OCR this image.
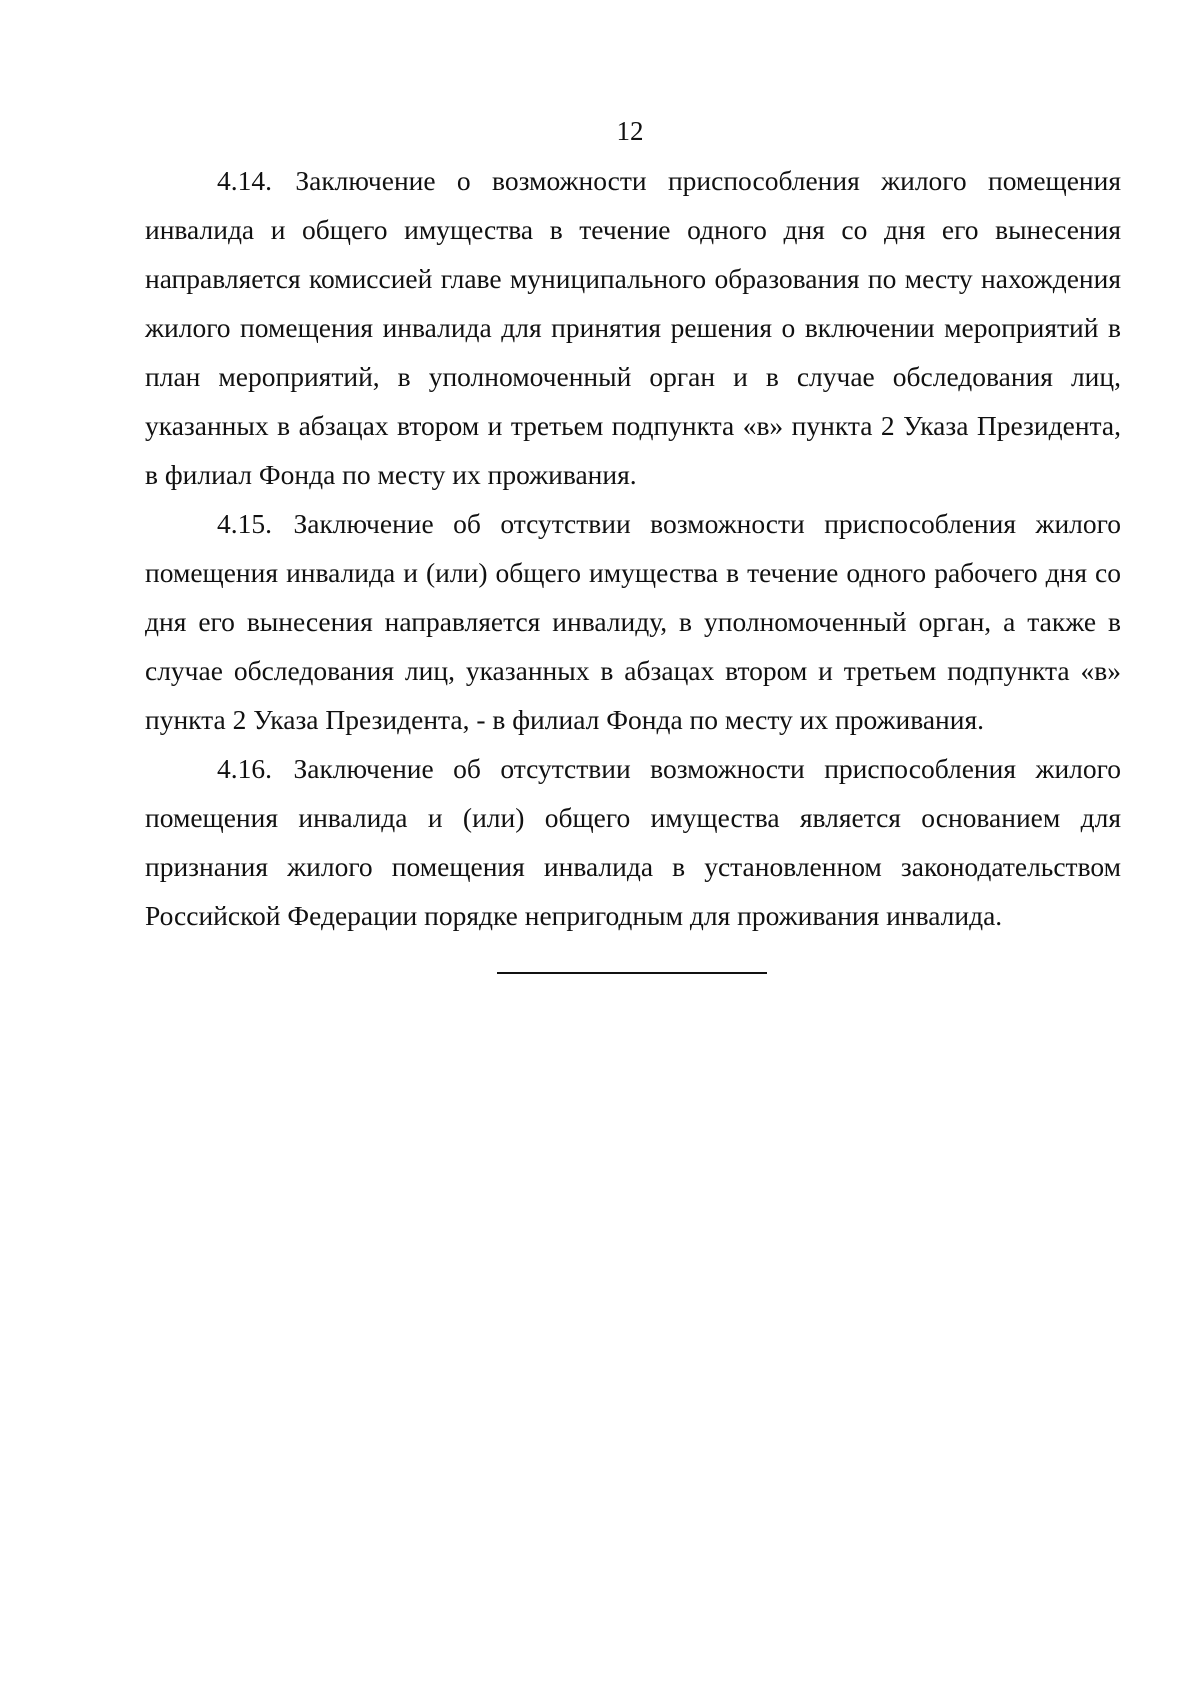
12

4.14. Заключение о возможности приспособления жилого помещения инвалида и общего имущества в течение одного дня со дня его вынесения направляется комиссией главе муниципального образования по месту нахождения жилого помещения инвалида для принятия решения о включении мероприятий в план мероприятий, в уполномоченный орган и в случае обследования лиц, указанных в абзацах втором и третьем подпункта «в» пункта 2 Указа Президента, в филиал Фонда по месту их проживания.

4.15. Заключение об отсутствии возможности приспособления жилого помещения инвалида и (или) общего имущества в течение одного рабочего дня со дня его вынесения направляется инвалиду, в уполномоченный орган, а также в случае обследования лиц, указанных в абзацах втором и третьем подпункта «в» пункта 2 Указа Президента, - в филиал Фонда по месту их проживания.

4.16. Заключение об отсутствии возможности приспособления жилого помещения инвалида и (или) общего имущества является основанием для признания жилого помещения инвалида в установленном законодательством Российской Федерации порядке непригодным для проживания инвалида.
